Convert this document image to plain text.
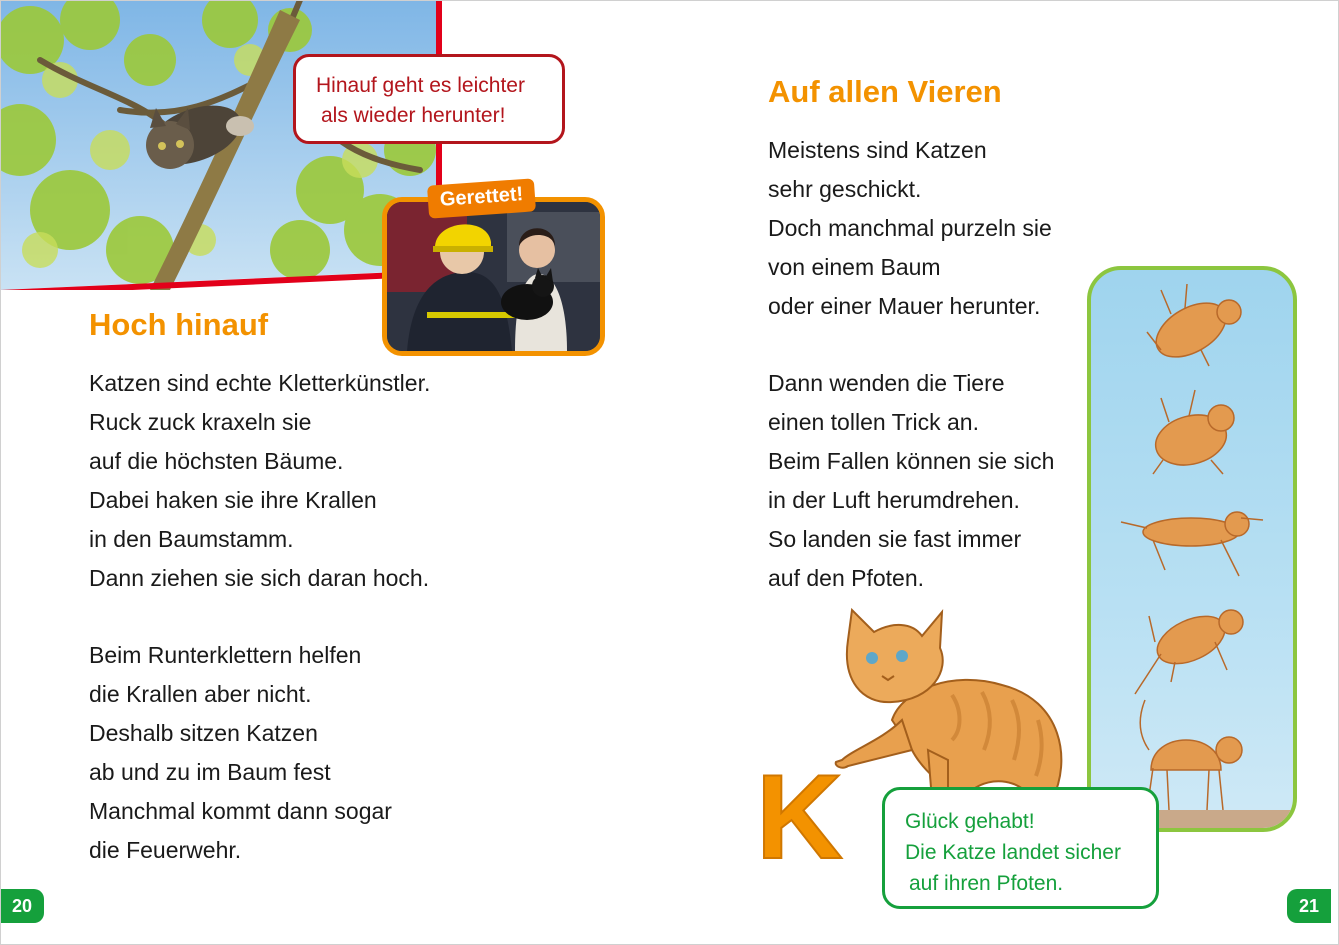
Hinauf geht es leichter
als wieder herunter!
Gerettet!
Hoch hinauf
Katzen sind echte Kletterkünstler.
Ruck zuck kraxeln sie
auf die höchsten Bäume.
Dabei haken sie ihre Krallen
in den Baumstamm.
Dann ziehen sie sich daran hoch.
Beim Runterklettern helfen
die Krallen aber nicht.
Deshalb sitzen Katzen
ab und zu im Baum fest
Manchmal kommt dann sogar
die Feuerwehr.
20
Auf allen Vieren
Meistens sind Katzen
sehr geschickt.
Doch manchmal purzeln sie
von einem Baum
oder einer Mauer herunter.
Dann wenden die Tiere
einen tollen Trick an.
Beim Fallen können sie sich
in der Luft herumdrehen.
So landen sie fast immer
auf den Pfoten.
K	Glück gehabt!
Die Katze landet sicher
auf ihren Pfoten.
21
